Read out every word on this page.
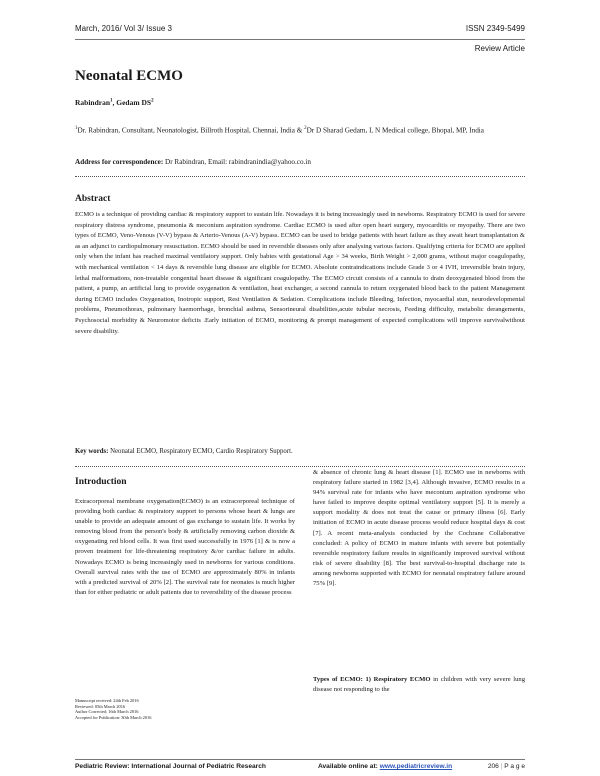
March, 2016/ Vol 3/ Issue 3	ISSN 2349-5499
Review Article
Neonatal ECMO
Rabindran$^1$, Gedam $DS^2$
$^1$Dr. Rabindran, Consultant, Neonatologist, Billroth Hospital, Chennai, India & $^2$Dr D Sharad Gedam, L N Medical college, Bhopal, MP, India
Address for correspondence: Dr Rabindran, Email: rabindranindia@yahoo.co.in
Abstract
ECMO is a technique of providing cardiac & respiratory support to sustain life. Nowadays it is being increasingly used in newborns. Respiratory ECMO is used for severe respiratory distress syndrome, pneumonia & meconium aspiration syndrome. Cardiac ECMO is used after open heart surgery, myocarditis or myopathy. There are two types of ECMO, Veno-Venous (V-V) bypass & Arterio-Venous (A-V) bypass. ECMO can be used to bridge patients with heart failure as they await heart transplantation & as an adjunct to cardiopulmonary resuscitation. ECMO should be used in reversible diseases only after analysing various factors. Qualifying criteria for ECMO are applied only when the infant has reached maximal ventilatory support. Only babies with gestational Age > 34 weeks, Birth Weight > 2,000 grams, without major coagulopathy, with mechanical ventilation < 14 days & reversible lung disease are eligible for ECMO. Absolute contraindications include Grade 3 or 4 IVH, irreversible brain injury, lethal malformations, non-treatable congenital heart disease & significant coagulopathy. The ECMO circuit consists of a cannula to drain deoxygenated blood from the patient, a pump, an artificial lung to provide oxygenation & ventilation, heat exchanger, a second cannula to return oxygenated blood back to the patient Management during ECMO includes Oxygenation, Inotropic support, Rest Ventilation & Sedation. Complications include Bleeding, Infection, myocardial stun, neurodevelopmental problems, Pneumothorax, pulmonary haemorrhage, bronchial asthma, Sensorineural disabilities,acute tubular necrosis, Feeding difficulty, metabolic derangements, Psychosocial morbidity & Neuromotor deficits .Early initiation of ECMO, monitoring & prompt management of expected complications will improve survivalwithout severe disability.
Key words: Neonatal ECMO, Respiratory ECMO, Cardio Respiratory Support.
Introduction
Extracorporeal membrane oxygenation(ECMO) is an extracorporeal technique of providing both cardiac & respiratory support to persons whose heart & lungs are unable to provide an adequate amount of gas exchange to sustain life. It works by removing blood from the person's body & artificially removing carbon dioxide & oxygenating red blood cells. It was first used successfully in 1976 [1] & is now a proven treatment for life-threatening respiratory &/or cardiac failure in adults. Nowadays ECMO is being increasingly used in newborns for various conditions. Overall survival rates with the use of ECMO are approximately 80% in infants with a predicted survival of 20% [2]. The survival rate for neonates is much higher than for either pediatric or adult patients due to reversibility of the disease process
Manuscript received: 24th Feb 2016
Reviewed: 05th March 2016
Author Corrected; 16th March 2016
Accepted for Publication: 30th March 2016
& absence of chronic lung & heart disease [1]. ECMO use in newborns with respiratory failure started in 1982 [3,4]. Although invasive, ECMO results in a 94% survival rate for infants who have meconium aspiration syndrome who have failed to improve despite optimal ventilatory support [5]. It is merely a support modality & does not treat the cause or primary illness [6]. Early initiation of ECMO in acute disease process would reduce hospital days & cost [7]. A recent meta-analysis conducted by the Cochrane Collaborative concluded: A policy of ECMO in mature infants with severe but potentially reversible respiratory failure results in significantly improved survival without risk of severe disability [8]. The best survival-to-hospital discharge rate is among newborns supported with ECMO for neonatal respiratory failure around 75% [9].
Types of ECMO: 1) Respiratory ECMO in children with very severe lung disease not responding to the
Pediatric Review: International Journal of Pediatric Research	Available online at: www.pediatricreview.in	206 | P a g e
